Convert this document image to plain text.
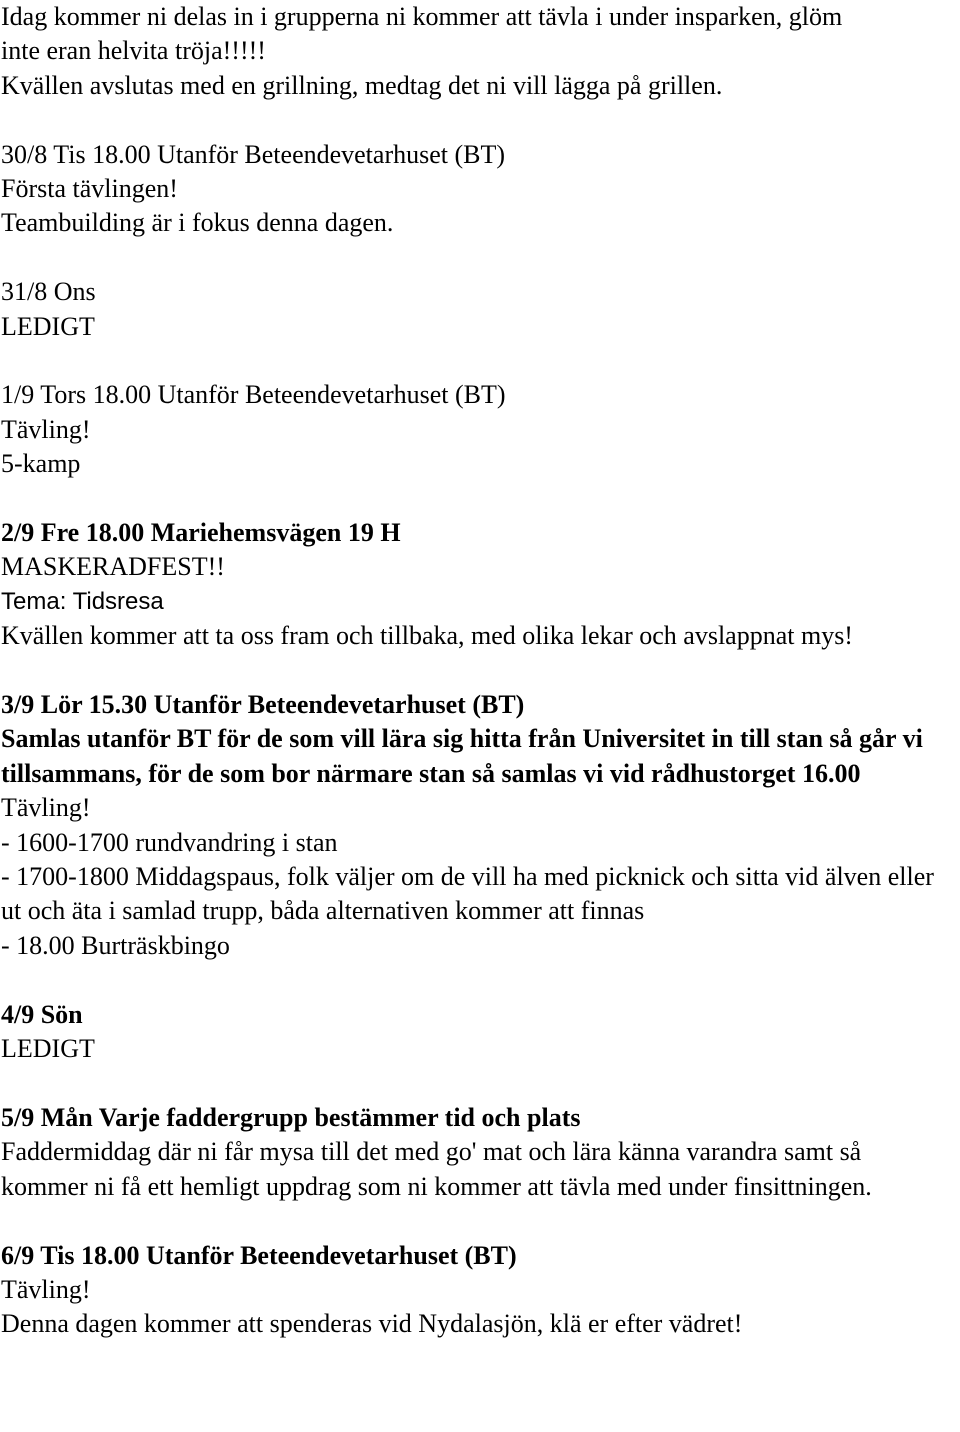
Idag kommer ni delas in i grupperna ni kommer att tävla i under insparken, glöm
inte eran helvita tröja!!!!!
Kvällen avslutas med en grillning, medtag det ni vill lägga på grillen.
30/8 Tis 18.00 Utanför Beteendevetarhuset (BT)
Första tävlingen!
Teambuilding är i fokus denna dagen.
31/8 Ons
LEDIGT
1/9 Tors 18.00 Utanför Beteendevetarhuset (BT)
Tävling!
5-kamp
2/9 Fre 18.00 Mariehemsvägen 19 H
MASKERADFEST!!
Tema: Tidsresa
Kvällen kommer att ta oss fram och tillbaka, med olika lekar och avslappnat mys!
3/9 Lör 15.30 Utanför Beteendevetarhuset (BT)
Samlas utanför BT för de som vill lära sig hitta från Universitet in till stan så går vi tillsammans, för de som bor närmare stan så samlas vi vid rådhustorget 16.00
Tävling!
- 1600-1700 rundvandring i stan
- 1700-1800 Middagspaus, folk väljer om de vill ha med picknick och sitta vid älven eller ut och äta i samlad trupp, båda alternativen kommer att finnas
- 18.00 Burträskbingo
4/9 Sön
LEDIGT
5/9 Mån Varje faddergrupp bestämmer tid och plats
Faddermiddag där ni får mysa till det med go' mat och lära känna varandra samt så kommer ni få ett hemligt uppdrag som ni kommer att tävla med under finsittningen.
6/9 Tis 18.00 Utanför Beteendevetarhuset (BT)
Tävling!
Denna dagen kommer att spenderas vid Nydalasjön, klä er efter vädret!
